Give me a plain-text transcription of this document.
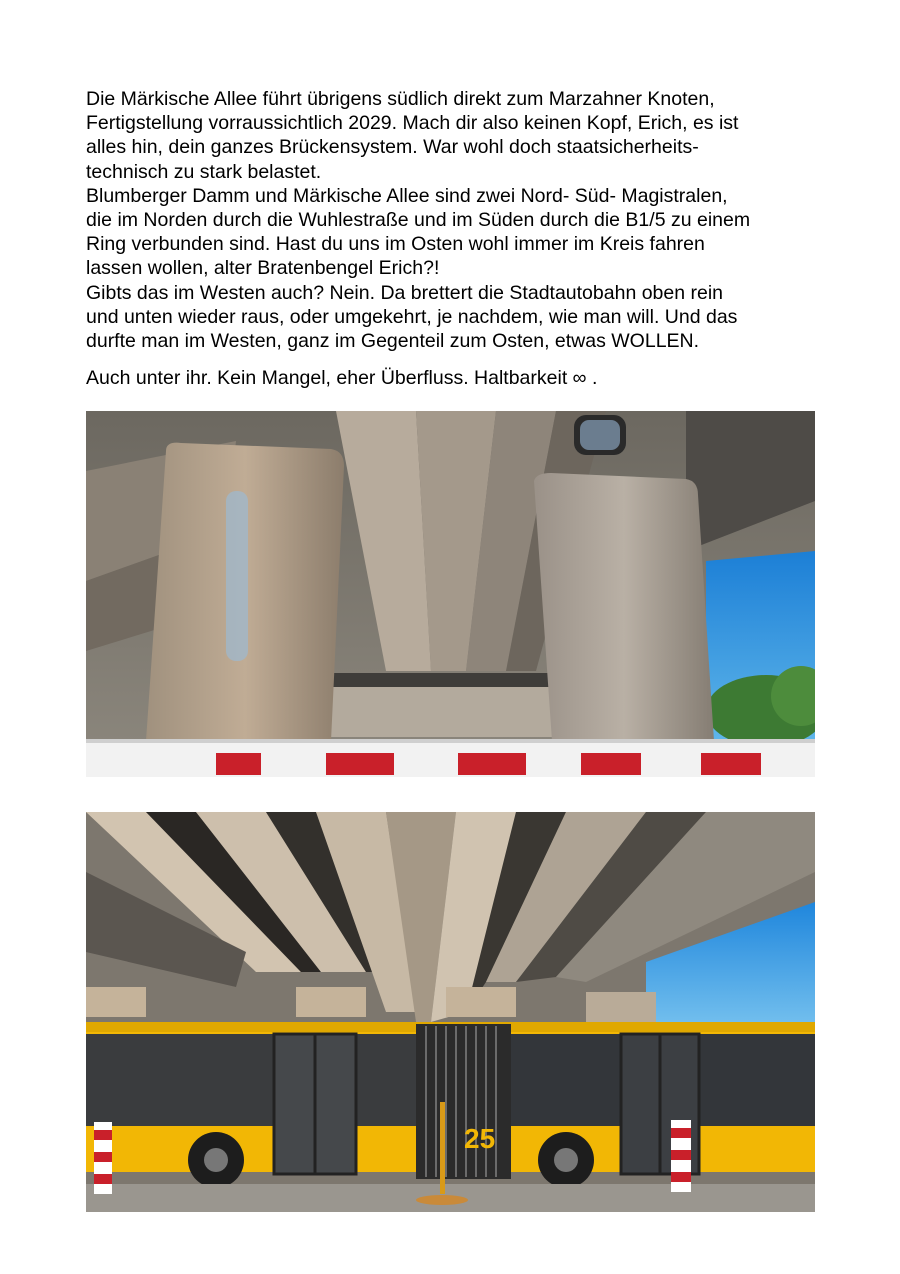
Die Märkische Allee führt übrigens südlich direkt zum Marzahner Knoten,
Fertigstellung vorraussichtlich 2029. Mach dir also keinen Kopf, Erich, es ist
alles hin, dein ganzes Brückensystem. War wohl doch staatsicherheits-
technisch zu stark belastet.

Blumberger Damm und Märkische Allee sind zwei Nord- Süd- Magistralen,
die im Norden durch die Wuhlestraße und im Süden durch die B1/5 zu einem
Ring verbunden sind. Hast du uns im Osten wohl immer im Kreis fahren
lassen wollen, alter Bratenbengel Erich?!

Gibts das im Westen auch? Nein. Da brettert die Stadtautobahn oben rein
und unten wieder raus, oder umgekehrt, je nachdem, wie man will. Und das
durfte man im Westen, ganz im Gegenteil zum Osten, etwas WOLLEN.

Auch unter ihr. Kein Mangel, eher Überfluss. Haltbarkeit ∞ .

25
